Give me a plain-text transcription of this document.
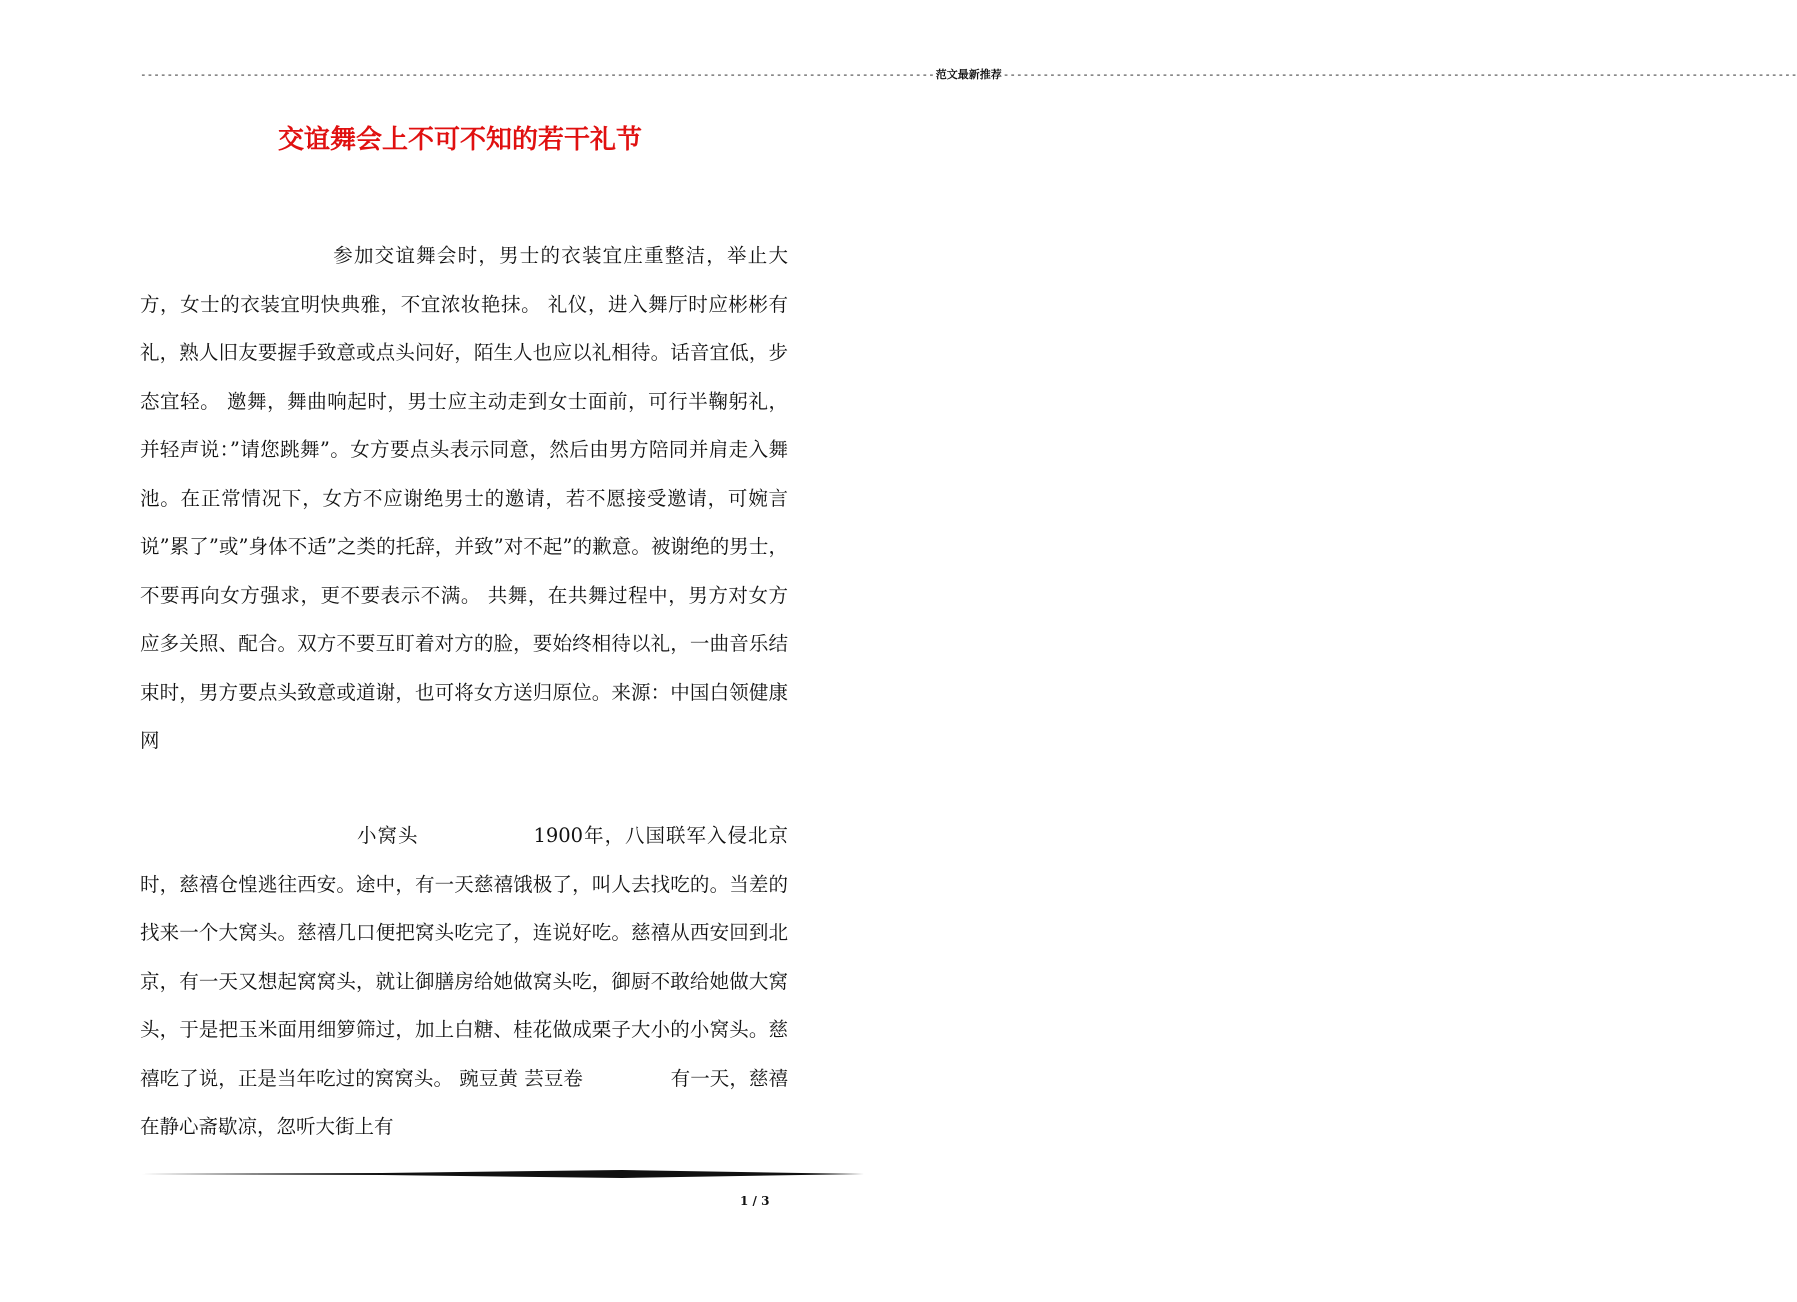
------------------------------------------------------------------------------------------------------------------------ 范文最新推荐 ------------------------------------------------------------------------------------------------------------------------
交谊舞会上不可不知的若干礼节
参加交谊舞会时，男士的衣装宜庄重整洁，举止大方，女士的衣装宜明快典雅，不宜浓妆艳抹。 礼仪，进入舞厅时应彬彬有礼，熟人旧友要握手致意或点头问好，陌生人也应以礼相待。话音宜低，步态宜轻。 邀舞，舞曲响起时，男士应主动走到女士面前，可行半鞠躬礼，并轻声说：”请您跳舞”。女方要点头表示同意，然后由男方陪同并肩走入舞池。在正常情况下，女方不应谢绝男士的邀请，若不愿接受邀请，可婉言说”累了”或”身体不适”之类的托辞，并致”对不起”的歉意。被谢绝的男士，不要再向女方强求，更不要表示不满。 共舞，在共舞过程中，男方对女方应多关照、配合。双方不要互盯着对方的脸，要始终相待以礼，一曲音乐结束时，男方要点头致意或道谢，也可将女方送归原位。来源：中国白领健康网
小窝头                1900年，八国联军入侵北京时，慈禧仓惶逃往西安。途中，有一天慈禧饿极了，叫人去找吃的。当差的找来一个大窝头。慈禧几口便把窝头吃完了，连说好吃。慈禧从西安回到北京，有一天又想起窝窝头，就让御膳房给她做窝头吃，御厨不敢给她做大窝头，于是把玉米面用细箩筛过，加上白糖、桂花做成栗子大小的小窝头。慈禧吃了说，正是当年吃过的窝窝头。 豌豆黄 芸豆卷              有一天，慈禧在静心斋歇凉，忽听大街上有
1 / 3
